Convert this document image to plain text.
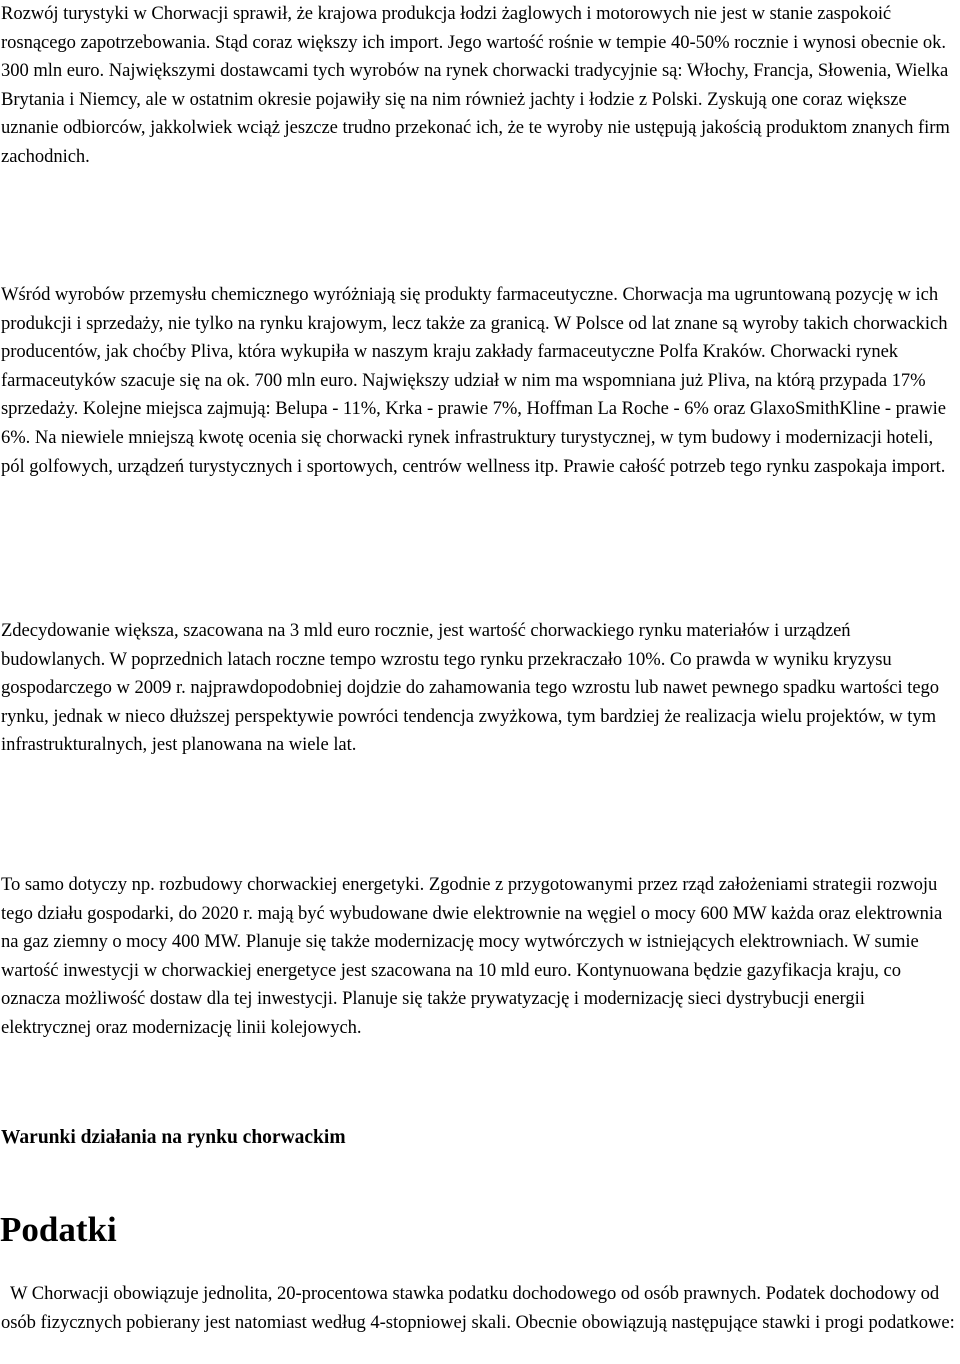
Rozwój turystyki w Chorwacji sprawił, że krajowa produkcja łodzi żaglowych i motorowych nie jest w stanie zaspokoić rosnącego zapotrzebowania. Stąd coraz większy ich import. Jego wartość rośnie w tempie 40-50% rocznie i wynosi obecnie ok. 300 mln euro. Największymi dostawcami tych wyrobów na rynek chorwacki tradycyjnie są: Włochy, Francja, Słowenia, Wielka Brytania i Niemcy, ale w ostatnim okresie pojawiły się na nim również jachty i łodzie z Polski. Zyskują one coraz większe uznanie odbiorców, jakkolwiek wciąż jeszcze trudno przekonać ich, że te wyroby nie ustępują jakością produktom znanych firm zachodnich.

Wśród wyrobów przemysłu chemicznego wyróżniają się produkty farmaceutyczne. Chorwacja ma ugruntowaną pozycję w ich produkcji i sprzedaży, nie tylko na rynku krajowym, lecz także za granicą. W Polsce od lat znane są wyroby takich chorwackich producentów, jak choćby Pliva, która wykupiła w naszym kraju zakłady farmaceutyczne Polfa Kraków. Chorwacki rynek farmaceutyków szacuje się na ok. 700 mln euro. Największy udział w nim ma wspomniana już Pliva, na którą przypada 17% sprzedaży. Kolejne miejsca zajmują: Belupa - 11%, Krka - prawie 7%, Hoffman La Roche - 6% oraz GlaxoSmithKline - prawie 6%. Na niewiele mniejszą kwotę ocenia się chorwacki rynek infrastruktury turystycznej, w tym budowy i modernizacji hoteli, pól golfowych, urządzeń turystycznych i sportowych, centrów wellness itp. Prawie całość potrzeb tego rynku zaspokaja import.

Zdecydowanie większa, szacowana na 3 mld euro rocznie, jest wartość chorwackiego rynku materiałów i urządzeń budowlanych. W poprzednich latach roczne tempo wzrostu tego rynku przekraczało 10%. Co prawda w wyniku kryzysu gospodarczego w 2009 r. najprawdopodobniej dojdzie do zahamowania tego wzrostu lub nawet pewnego spadku wartości tego rynku, jednak w nieco dłuższej perspektywie powróci tendencja zwyżkowa, tym bardziej że realizacja wielu projektów, w tym infrastrukturalnych, jest planowana na wiele lat.

To samo dotyczy np. rozbudowy chorwackiej energetyki. Zgodnie z przygotowanymi przez rząd założeniami strategii rozwoju tego działu gospodarki, do 2020 r. mają być wybudowane dwie elektrownie na węgiel o mocy 600 MW każda oraz elektrownia na gaz ziemny o mocy 400 MW. Planuje się także modernizację mocy wytwórczych w istniejących elektrowniach. W sumie wartość inwestycji w chorwackiej energetyce jest szacowana na 10 mld euro. Kontynuowana będzie gazyfikacja kraju, co oznacza możliwość dostaw dla tej inwestycji. Planuje się także prywatyzację i modernizację sieci dystrybucji energii elektrycznej oraz modernizację linii kolejowych.

Warunki działania na rynku chorwackim
Podatki

W Chorwacji obowiązuje jednolita, 20-procentowa stawka podatku dochodowego od osób prawnych. Podatek dochodowy od osób fizycznych pobierany jest natomiast według 4-stopniowej skali. Obecnie obowiązują następujące stawki i progi podatkowe:
